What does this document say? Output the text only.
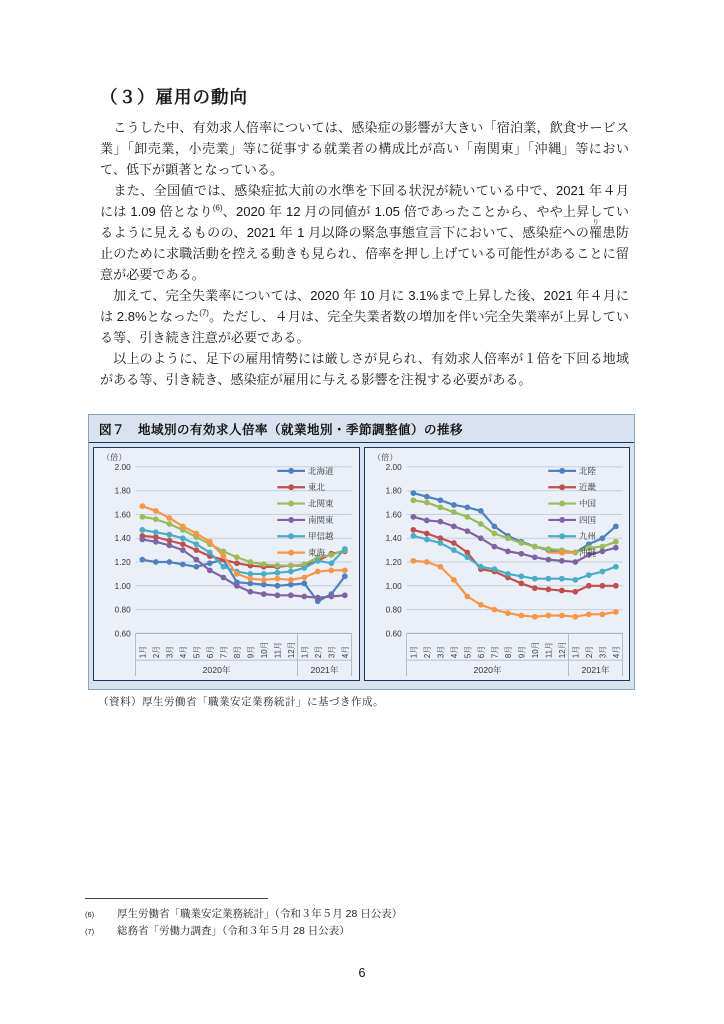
（３）雇用の動向

　こうした中、有効求人倍率については、感染症の影響が大きい「宿泊業，飲食サービス業」「卸売業，小売業」等に従事する就業者の構成比が高い「南関東」「沖縄」等において、低下が顕著となっている。

　また、全国値では、感染症拡大前の水準を下回る状況が続いている中で、2021 年４月には 1.09 倍となり$^{(6)}$、2020 年 12 月の同値が 1.05 倍であったことから、やや上昇しているように見えるものの、2021 年 1 月以降の緊急事態宣言下において、感染症への罹り患防止のために求職活動を控える動きも見られ、倍率を押し上げている可能性があることに留意が必要である。

　加えて、完全失業率については、2020 年 10 月に 3.1%まで上昇した後、2021 年４月には 2.8%となった$^{(7)}$。ただし、４月は、完全失業者数の増加を伴い完全失業率が上昇している等、引き続き注意が必要である。

　以上のように、足下の雇用情勢には厳しさが見られ、有効求人倍率が１倍を下回る地域がある等、引き続き、感染症が雇用に与える影響を注視する必要がある。

図７　地域別の有効求人倍率（就業地別・季節調整値）の推移
2.00
1.80
1.60
1.40
1.20
1.00
0.80
0.60
（倍）
1月 2月 3月 4月 5月 6月 7月 8月 9月 10月 11月 12月 1月 2月 3月 4月
2020年	2021年
北海道
東北
北関東
南関東
甲信越
東海
2.00
1.80
1.60
1.40
1.20
1.00
0.80
0.60
（倍）
1月 2月 3月 4月 5月 6月 7月 8月 9月 10月 11月 12月 1月 2月 3月 4月
2020年	2021年
北陸
近畿
中国
四国
九州
沖縄
（資料）厚生労働省「職業安定業務統計」に基づき作成。
(6)	厚生労働省「職業安定業務統計」（令和３年５月 28 日公表）
(7)	総務省「労働力調査」（令和３年５月 28 日公表）
6
